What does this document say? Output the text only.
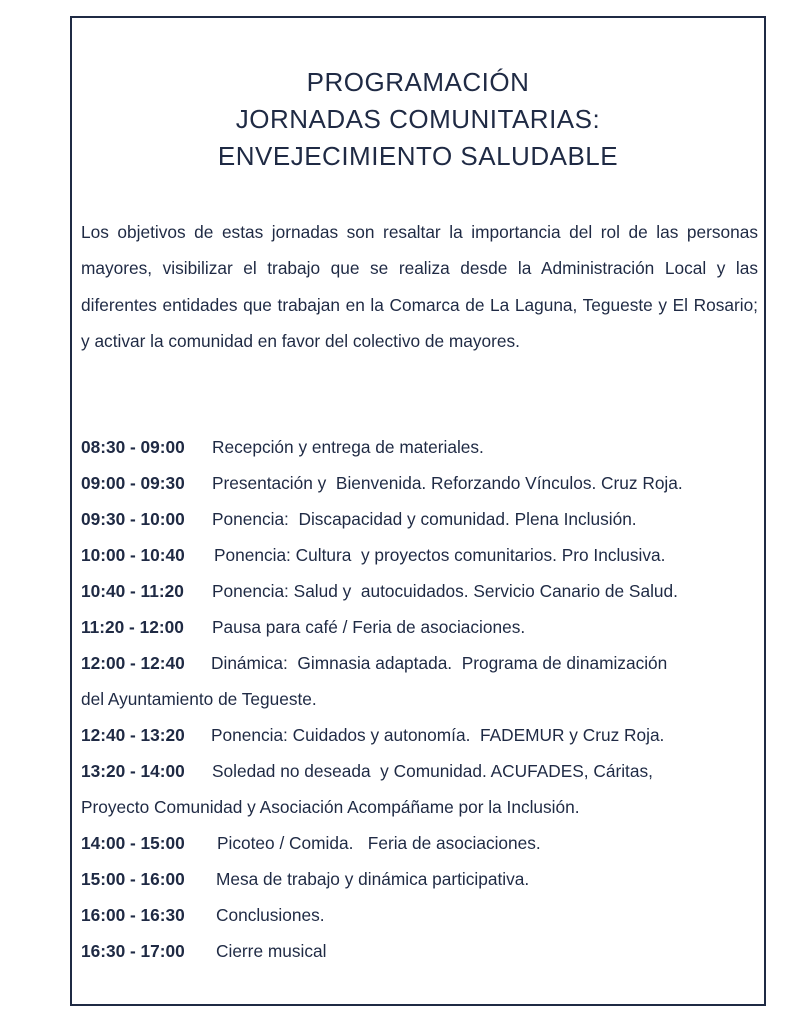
PROGRAMACIÓN
JORNADAS COMUNITARIAS:
ENVEJECIMIENTO SALUDABLE
Los objetivos de estas jornadas son resaltar la importancia del rol de las personas mayores, visibilizar el trabajo que se realiza desde la Administración Local y las diferentes entidades que trabajan en la Comarca de La Laguna, Tegueste y El Rosario; y activar la comunidad en favor del colectivo de mayores.
08:30 - 09:00 Recepción y entrega de materiales.
09:00 - 09:30 Presentación y  Bienvenida. Reforzando Vínculos. Cruz Roja.
09:30 - 10:00 Ponencia:  Discapacidad y comunidad. Plena Inclusión.
10:00 - 10:40 Ponencia: Cultura  y proyectos comunitarios. Pro Inclusiva.
10:40 - 11:20 Ponencia: Salud y  autocuidados. Servicio Canario de Salud.
11:20 - 12:00 Pausa para café / Feria de asociaciones.
12:00 - 12:40 Dinámica:  Gimnasia adaptada.  Programa de dinamización
del Ayuntamiento de Tegueste.
12:40 - 13:20 Ponencia: Cuidados y autonomía.  FADEMUR y Cruz Roja.
13:20 - 14:00 Soledad no deseada  y Comunidad. ACUFADES, Cáritas,
Proyecto Comunidad y Asociación Acompáñame por la Inclusión.
14:00 - 15:00 Picoteo / Comida.   Feria de asociaciones.
15:00 - 16:00 Mesa de trabajo y dinámica participativa.
16:00 - 16:30 Conclusiones.
16:30 - 17:00 Cierre musical
